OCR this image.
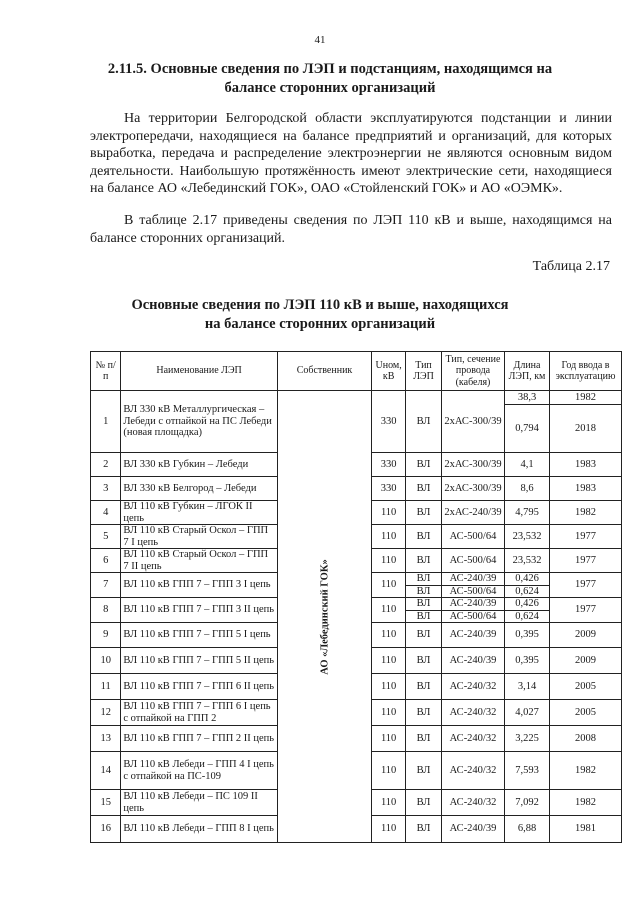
41
2.11.5. Основные сведения по ЛЭП и подстанциям, находящимся на балансе сторонних организаций

На территории Белгородской области эксплуатируются подстанции и линии электропередачи, находящиеся на балансе предприятий и организаций, для которых выработка, передача и распределение электроэнергии не являются основным видом деятельности. Наибольшую протяжённость имеют электрические сети, находящиеся на балансе АО «Лебединский ГОК», ОАО «Стойленский ГОК» и АО «ОЭМК».

В таблице 2.17 приведены сведения по ЛЭП 110 кВ и выше, находящимся на балансе сторонних организаций.

Таблица 2.17
Основные сведения по ЛЭП 110 кВ и выше, находящихся на балансе сторонних организаций
№ п/п	Наименование ЛЭП	Собственник	Uном, кВ	Тип ЛЭП	Тип, сечение провода (кабеля)	Длина ЛЭП, км	Год ввода в эксплуатацию
1	ВЛ 330 кВ Металлургическая – Лебеди с отпайкой на ПС Лебеди (новая площадка)	АО «Лебединский ГОК»	330	ВЛ	2хАС-300/39	38,3	1982
						0,794	2018
2	ВЛ 330 кВ Губкин – Лебеди		330	ВЛ	2хАС-300/39	4,1	1983
3	ВЛ 330 кВ Белгород – Лебеди		330	ВЛ	2хАС-300/39	8,6	1983
4	ВЛ 110 кВ Губкин – ЛГОК II цепь		110	ВЛ	2хАС-240/39	4,795	1982
5	ВЛ 110 кВ Старый Оскол – ГПП 7 I цепь		110	ВЛ	АС-500/64	23,532	1977
6	ВЛ 110 кВ Старый Оскол – ГПП 7 II цепь		110	ВЛ	АС-500/64	23,532	1977
7	ВЛ 110 кВ ГПП 7 – ГПП 3 I цепь		110	ВЛ	АС-240/39	0,426	1977
				ВЛ	АС-500/64	0,624	
8	ВЛ 110 кВ ГПП 7 – ГПП 3 II цепь		110	ВЛ	АС-240/39	0,426	1977
				ВЛ	АС-500/64	0,624	
9	ВЛ 110 кВ ГПП 7 – ГПП 5 I цепь		110	ВЛ	АС-240/39	0,395	2009
10	ВЛ 110 кВ ГПП 7 – ГПП 5 II цепь		110	ВЛ	АС-240/39	0,395	2009
11	ВЛ 110 кВ ГПП 7 – ГПП 6 II цепь		110	ВЛ	АС-240/32	3,14	2005
12	ВЛ 110 кВ ГПП 7 – ГПП 6 I цепь с отпайкой на ГПП 2		110	ВЛ	АС-240/32	4,027	2005
13	ВЛ 110 кВ ГПП 7 – ГПП 2 II цепь		110	ВЛ	АС-240/32	3,225	2008
14	ВЛ 110 кВ Лебеди – ГПП 4 I цепь с отпайкой на ПС-109		110	ВЛ	АС-240/32	7,593	1982
15	ВЛ 110 кВ Лебеди – ПС 109 II цепь		110	ВЛ	АС-240/32	7,092	1982
16	ВЛ 110 кВ Лебеди – ГПП 8 I цепь		110	ВЛ	АС-240/39	6,88	1981
